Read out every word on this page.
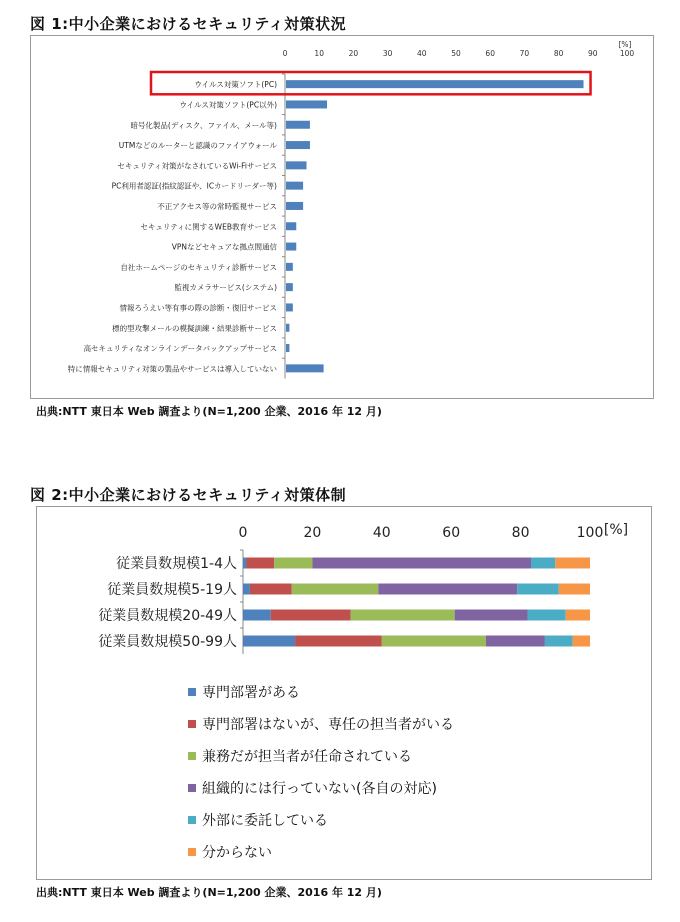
図 1:中小企業におけるセキュリティ対策状況
0	10	20	30	40	50	60	70	80	90	100
[%]
ウイルス対策ソフト(PC)
ウイルス対策ソフト(PC以外)
暗号化製品(ディスク、ファイル、メール等)
UTMなどのルーターと認識のファイアウォール
セキュリティ対策がなされているWi-Fiサービス
PC利用者認証(指紋認証や、ICカードリーダー等)
不正アクセス等の常時監視サービス
セキュリティに関するWEB教育サービス
VPNなどセキュアな拠点間通信
自社ホームページのセキュリティ診断サービス
監視カメラサービス(システム)
情報ろうえい等有事の際の診断・復旧サービス
標的型攻撃メールの模擬訓練・結果診断サービス
高セキュリティなオンラインデータバックアップサービス
特に情報セキュリティ対策の製品やサービスは導入していない
出典:NTT 東日本 Web 調査より(N=1,200 企業、2016 年 12 月)
図 2:中小企業におけるセキュリティ対策体制
0	20	40	60	80	100 [%]
従業員数規模1-4人
従業員数規模5-19人
従業員数規模20-49人
従業員数規模50-99人
専門部署がある
専門部署はないが、専任の担当者がいる
兼務だが担当者が任命されている
組織的には行っていない(各自の対応)
外部に委託している
分からない
出典:NTT 東日本 Web 調査より(N=1,200 企業、2016 年 12 月)
